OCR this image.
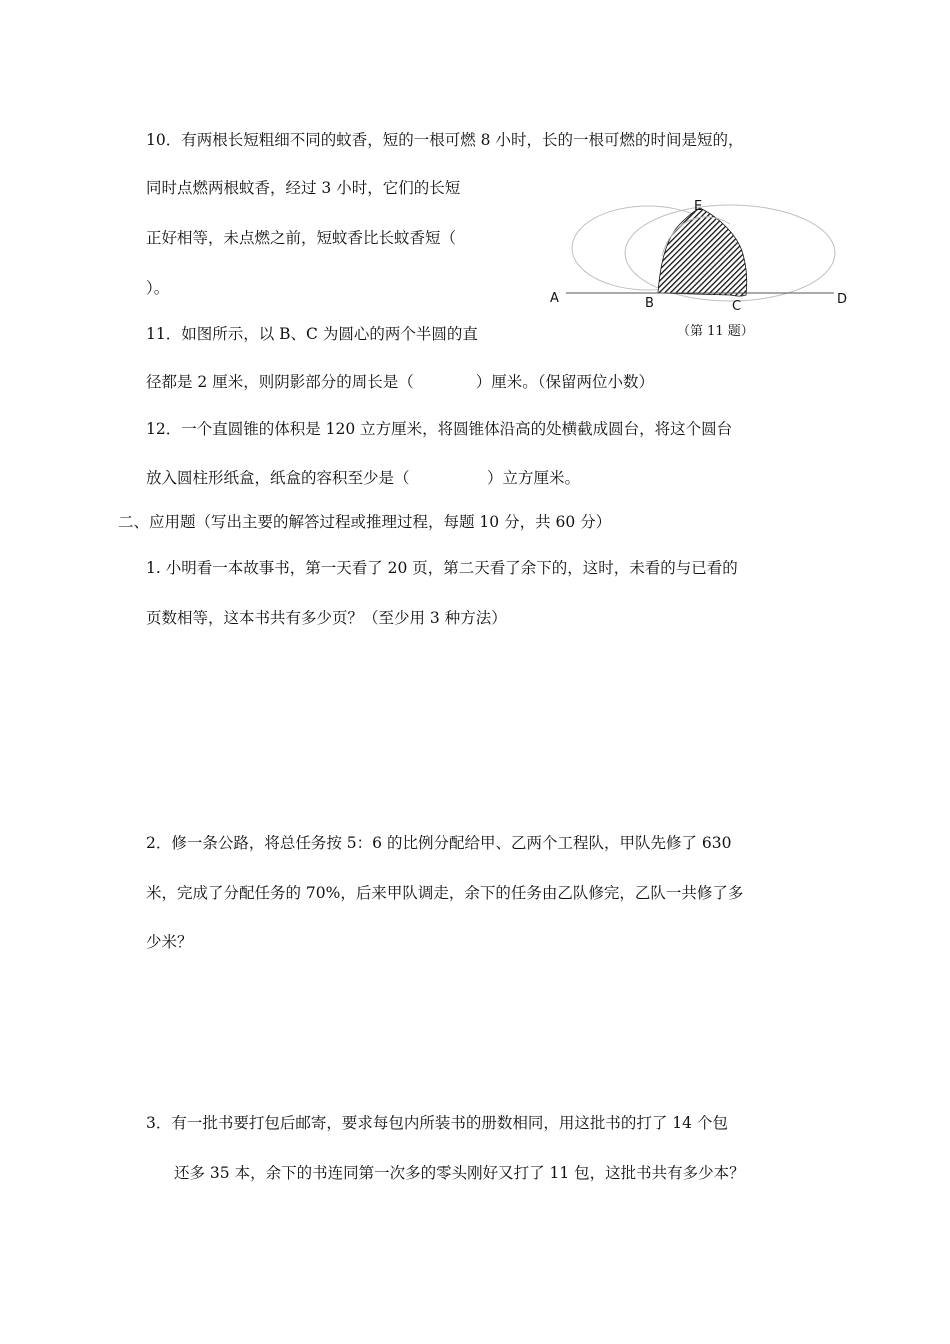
10．有两根长短粗细不同的蚊香，短的一根可燃 8 小时，长的一根可燃的时间是短的，
同时点燃两根蚊香，经过 3 小时，它们的长短
正好相等，未点燃之前，短蚊香比长蚊香短（
）。
11．如图所示，以 B、C 为圆心的两个半圆的直
径都是 2 厘米，则阴影部分的周长是（　　　　）厘米。（保留两位小数）
A	B	C	D
E
（第 11 题）
12．一个直圆锥的体积是 120 立方厘米，将圆锥体沿高的处横截成圆台，将这个圆台
放入圆柱形纸盒，纸盒的容积至少是（　　　　　）立方厘米。
二、应用题（写出主要的解答过程或推理过程，每题 10 分，共 60 分）
1. 小明看一本故事书，第一天看了 20 页，第二天看了余下的，这时，未看的与已看的
页数相等，这本书共有多少页？（至少用 3 种方法）
2．修一条公路，将总任务按 5：6 的比例分配给甲、乙两个工程队，甲队先修了 630
米，完成了分配任务的 70%，后来甲队调走，余下的任务由乙队修完，乙队一共修了多
少米？
3．有一批书要打包后邮寄，要求每包内所装书的册数相同，用这批书的打了 14 个包
还多 35 本，余下的书连同第一次多的零头刚好又打了 11 包，这批书共有多少本？
